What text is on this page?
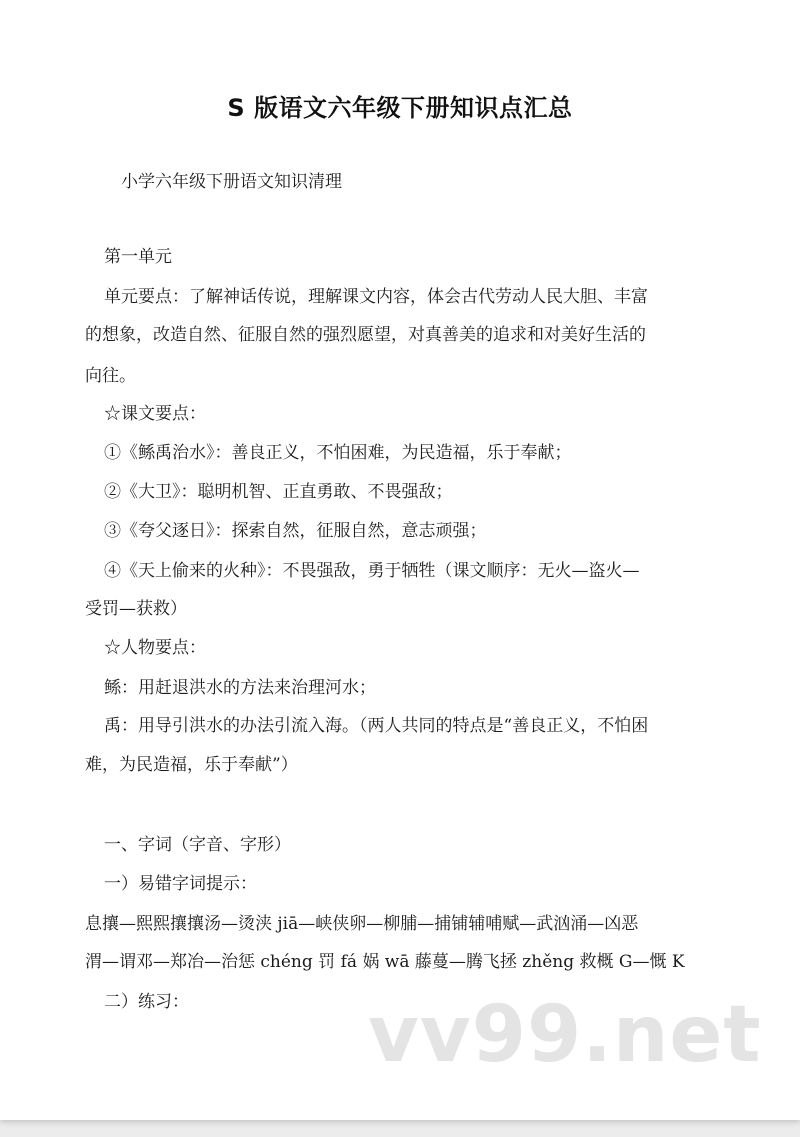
S 版语文六年级下册知识点汇总
小学六年级下册语文知识清理
第一单元
单元要点：了解神话传说，理解课文内容，体会古代劳动人民大胆、丰富
的想象，改造自然、征服自然的强烈愿望，对真善美的追求和对美好生活的
向往。
☆课文要点：
①《鲧禹治水》：善良正义，不怕困难，为民造福，乐于奉献；
②《大卫》：聪明机智、正直勇敢、不畏强敌；
③《夸父逐日》：探索自然，征服自然，意志顽强；
④《天上偷来的火种》：不畏强敌，勇于牺牲（课文顺序：无火—盗火—
受罚—获救）
☆人物要点：
鲧：用赶退洪水的方法来治理河水；
禹：用导引洪水的办法引流入海。（两人共同的特点是“善良正义，不怕困
难，为民造福，乐于奉献”）
一、字词（字音、字形）
一）易错字词提示：
息攘—熙熙攘攘汤—烫浃 jiā—峡侠卵—柳脯—捕铺辅哺赋—武汹涌—凶恶
渭—谓邓—郑冶—治惩 chéng 罚 fá 娲 wā 藤蔓—腾飞拯 zhěng 救概 G—慨 K
二）练习： vv99.net
